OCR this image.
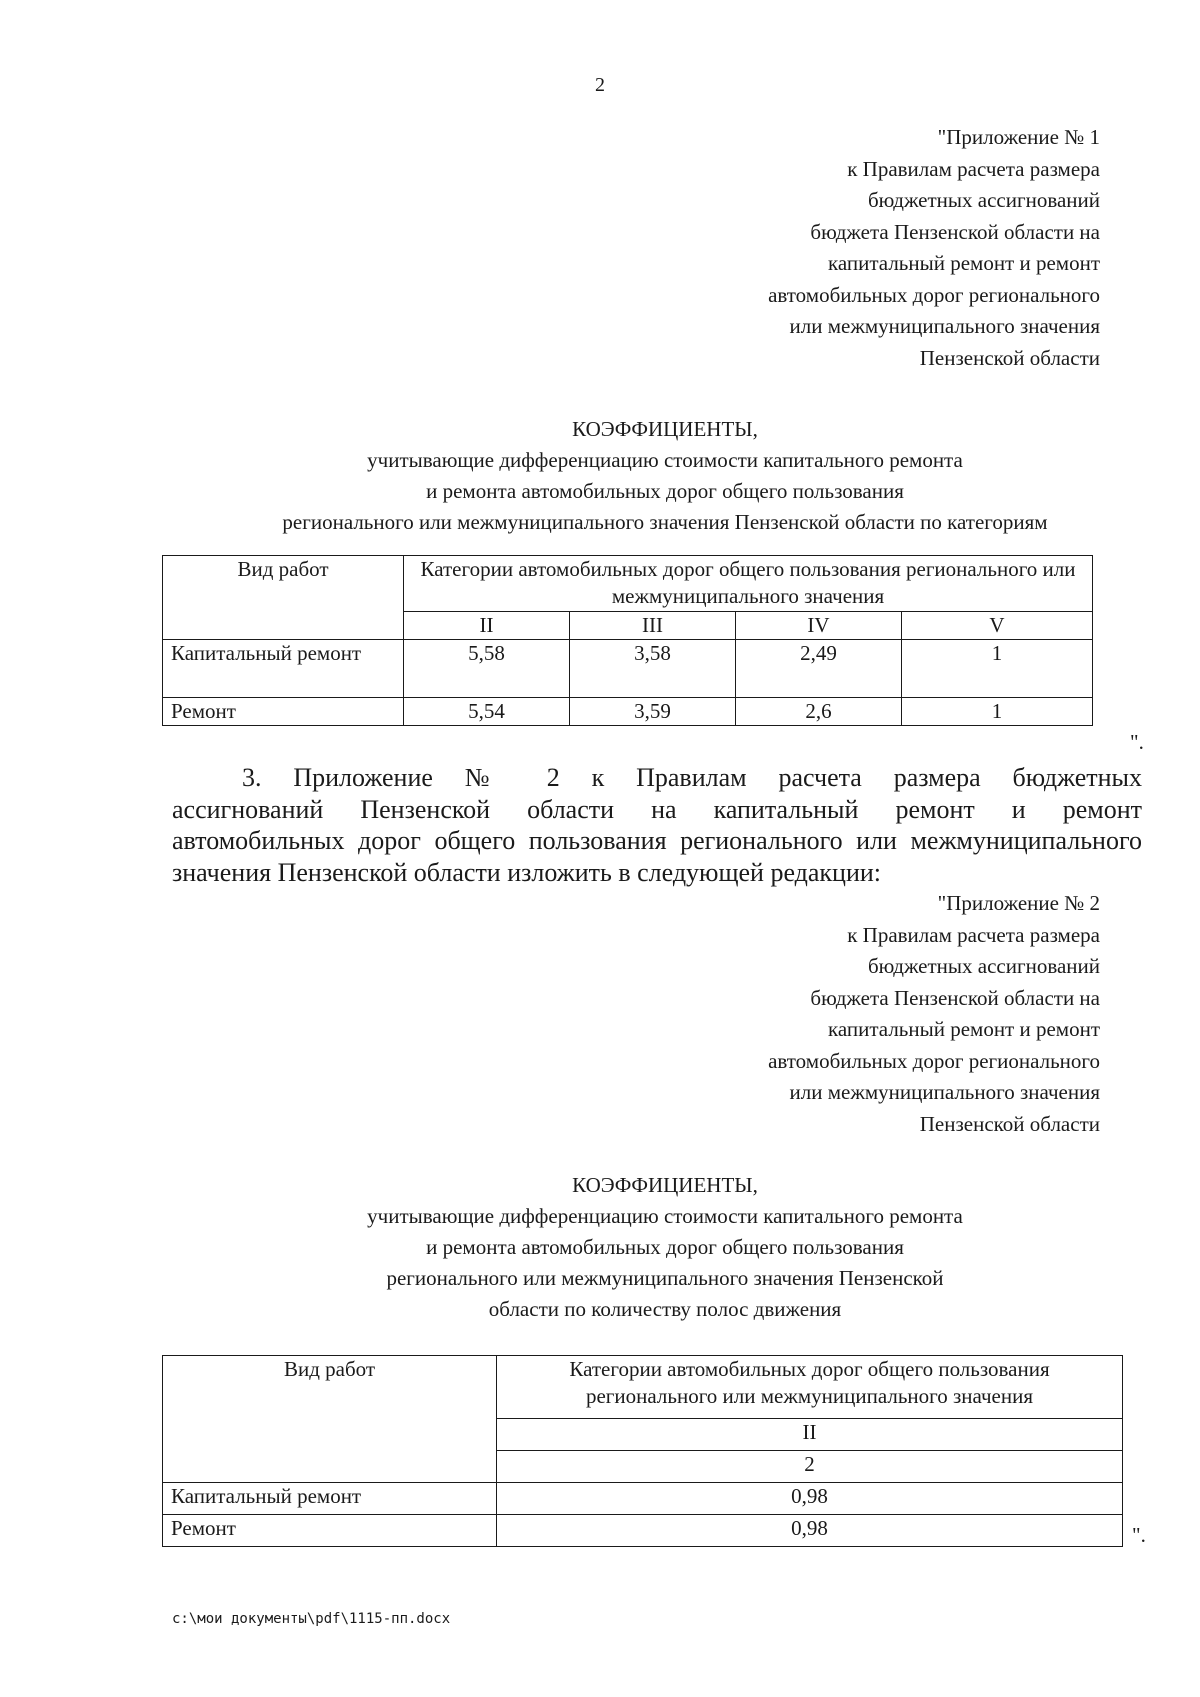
2
"Приложение № 1
к Правилам расчета размера
бюджетных ассигнований
бюджета Пензенской области на
капитальный ремонт и ремонт
автомобильных дорог регионального
или межмуниципального значения
Пензенской области
КОЭФФИЦИЕНТЫ,
учитывающие дифференциацию стоимости капитального ремонта
и ремонта автомобильных дорог общего пользования
регионального или межмуниципального значения Пензенской области по категориям
Вид работ	Категории автомобильных дорог общего пользования регионального или межмуниципального значения			
	II	III	IV	V
Капитальный ремонт	5,58	3,58	2,49	1
Ремонт	5,54	3,59	2,6	1
".
3. Приложение № 2 к Правилам расчета размера бюджетных
ассигнований Пензенской области на капитальный ремонт и ремонт
автомобильных дорог общего пользования регионального или межмуниципального
значения Пензенской области изложить в следующей редакции:
"Приложение № 2
к Правилам расчета размера
бюджетных ассигнований
бюджета Пензенской области на
капитальный ремонт и ремонт
автомобильных дорог регионального
или межмуниципального значения
Пензенской области
КОЭФФИЦИЕНТЫ,
учитывающие дифференциацию стоимости капитального ремонта
и ремонта автомобильных дорог общего пользования
регионального или межмуниципального значения Пензенской
области по количеству полос движения
Вид работ	Категории автомобильных дорог общего пользования регионального или межмуниципального значения
	II
	2
Капитальный ремонт	0,98
Ремонт	0,98	".
c:\мои документы\pdf\1115-пп.docx
